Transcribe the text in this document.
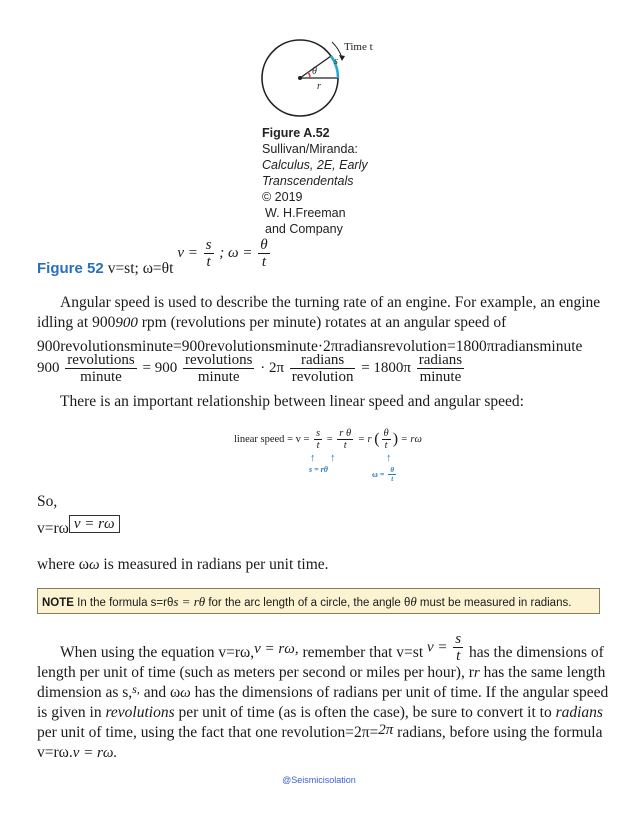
Time t
θ
s
r
Figure A.52
Sullivan/Miranda:
Calculus, 2E, Early
Transcendentals
© 2019
W. H.Freeman
and Company
Figure 52 v=st; ω=θt $v = \frac{s}{t}$ ; $\omega = \frac{\theta}{t}$
Angular speed is used to describe the turning rate of an engine. For example, an engine
idling at 900900 rpm (revolutions per minute) rotates at an angular speed of
900revolutionsminute=900revolutionsminute·2πradiansrevolution=1800πradiansminute
$900 \frac{\text{revolutions}}{\text{minute}} = 900 \frac{\text{revolutions}}{\text{minute}} \cdot 2\pi \frac{\text{radians}}{\text{revolution}} = 1800\pi \frac{\text{radians}}{\text{minute}}$
There is an important relationship between linear speed and angular speed:
linear speed = $v = \frac{s}{t} = \frac{\text{r θ}}{t} = r$ ( $\frac{\theta}{t}$ ) = rω
↑ ↑
s = rθ
↑
$\omega = \frac{\theta}{t}$
So,
v=rω v = rω
where ωω is measured in radians per unit time.
NOTE In the formula s=rθs = rθ for the arc length of a circle, the angle θθ must be measured in radians.
When using the equation v=rω,v = rω, remember that v=st $v = \frac{s}{t}$ has the dimensions of
length per unit of time (such as meters per second or miles per hour), rr has the same length
dimension as s,$^{s,}$ and ωω has the dimensions of radians per unit of time. If the angular speed
is given in revolutions per unit of time (as is often the case), be sure to convert it to radians
per unit of time, using the fact that one revolution=2π=2π radians, before using the formula
v=rω.v = rω.
@Seismicisolation
